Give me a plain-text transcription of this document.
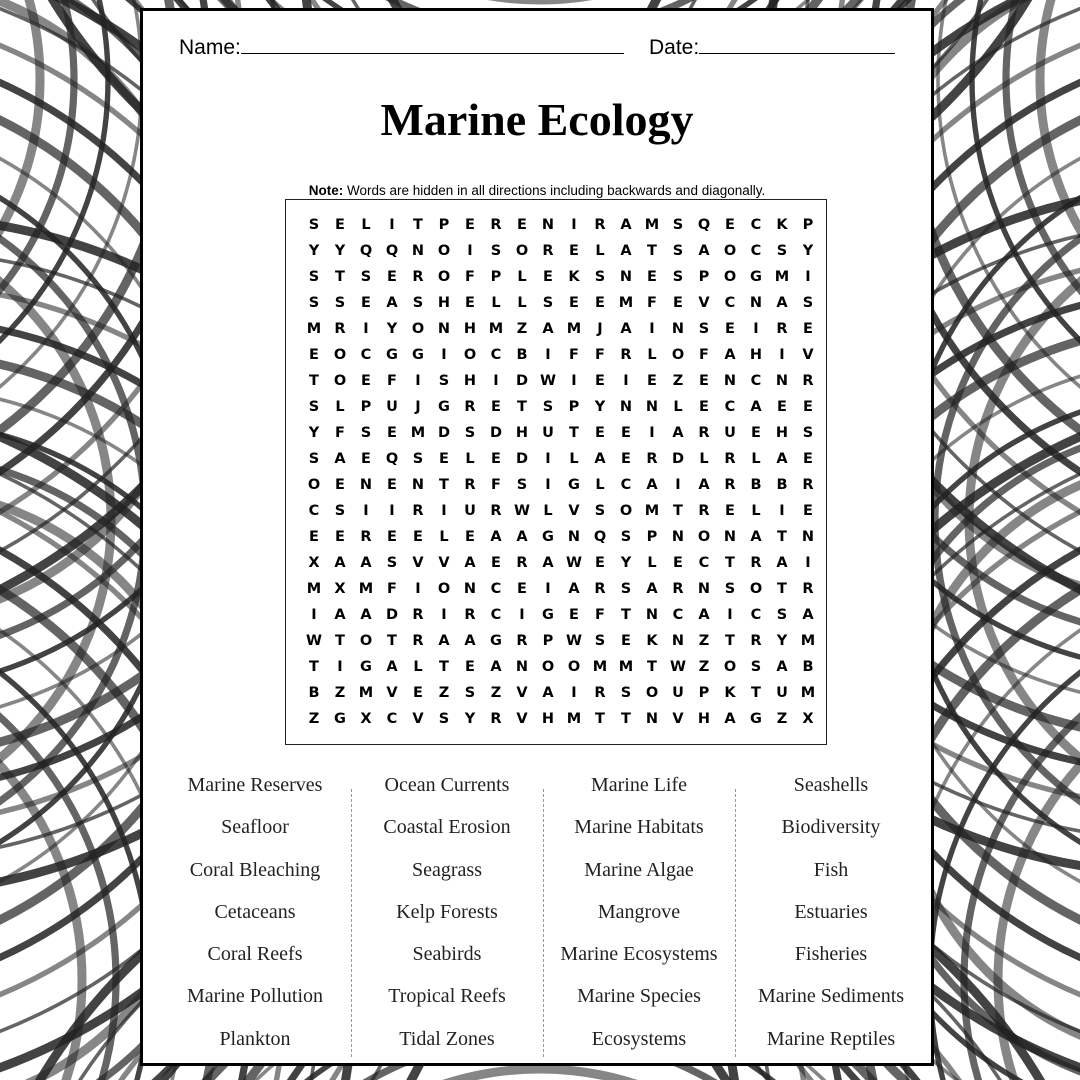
Name:	Date:
Marine Ecology
Note: Words are hidden in all directions including backwards and diagonally.
S	E	L	I	T	P	E	R	E	N	I	R	A M S	Q	E	C	K	P
Y	Y	Q Q N O	I	S	O R	E	L	A	T	S	A O	C	S	Y
S	T	S	E	R O	F	P	L	E	K	S	N	E	S	P	O G M	I
S	S	E	A	S	H	E	L	L	S	E	E M F	E	V	C	N A	S
M R	I	Y	O N H M Z	A M	J	A	I	N	S	E	I	R	E
E	O	C	G G	I	O	C	B	I	F	F	R	L	O	F	A H	I	V
T	O	E	F	I	S	H	I	D W	I	E	I	E	Z	E	N	C	N R
S	L	P	U	J	G R	E	T	S	P	Y	N N	L	E	C	A	E	E
Y	F	S	E M D	S	D H U	T	E	E	I	A	R	U	E	H	S
S	A	E	Q	S	E	L	E	D	I	L	A	E	R D	L	R	L	A	E
O	E	N	E	N	T	R	F	S	I	G	L	C	A	I	A	R	B	B	R
C	S	I	I	R	I	U	R W L	V	S	O M T	R	E	L	I	E
E	E	R	E	E	L	E	A	A G N Q	S	P	N O N A	T	N
X	A	A	S	V	V	A	E	R	A W E	Y	L	E	C	T	R	A	I
M X M F	I	O N	C	E	I	A	R	S	A	R N	S	O	T	R
I	A	A D R	I	R	C	I	G	E	F	T	N	C	A	I	C	S	A
W T	O	T	R	A	A G R	P W S	E	K N	Z	T	R	Y M
T	I	G A	L	T	E	A N O O M M T W Z	O	S	A	B
B	Z M V	E	Z	S	Z	V	A	I	R	S	O U	P	K	T	U M
Z	G X	C	V	S	Y	R	V H M T	T	N V H A G	Z	X
Marine Reserves
Seafloor
Coral Bleaching
Cetaceans
Coral Reefs
Marine Pollution
Plankton
Ocean Currents
Coastal Erosion
Seagrass
Kelp Forests
Seabirds
Tropical Reefs
Tidal Zones
Marine Life
Marine Habitats
Marine Algae
Mangrove
Marine Ecosystems
Marine Species
Ecosystems
Seashells
Biodiversity
Fish
Estuaries
Fisheries
Marine Sediments
Marine Reptiles
